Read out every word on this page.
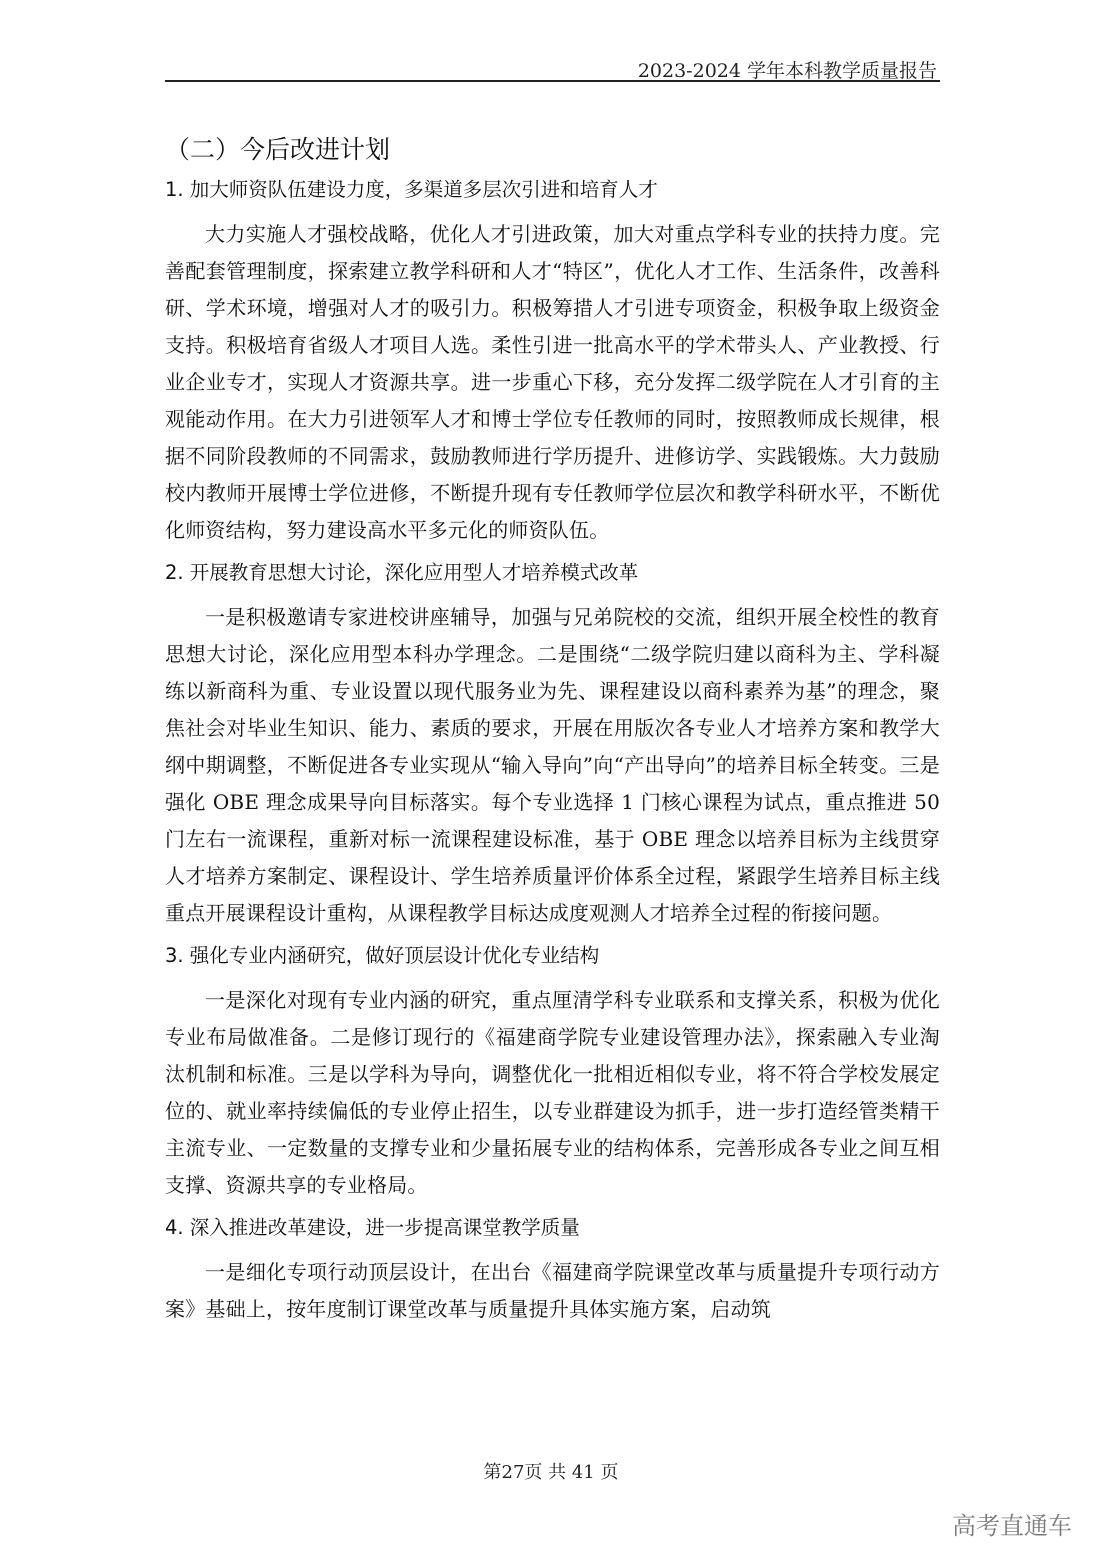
2023-2024 学年本科教学质量报告
（二）今后改进计划
1. 加大师资队伍建设力度，多渠道多层次引进和培育人才

大力实施人才强校战略，优化人才引进政策，加大对重点学科专业的扶持力度。完善配套管理制度，探索建立教学科研和人才“特区”，优化人才工作、生活条件，改善科研、学术环境，增强对人才的吸引力。积极筹措人才引进专项资金，积极争取上级资金支持。积极培育省级人才项目人选。柔性引进一批高水平的学术带头人、产业教授、行业企业专才，实现人才资源共享。进一步重心下移，充分发挥二级学院在人才引育的主观能动作用。在大力引进领军人才和博士学位专任教师的同时，按照教师成长规律，根据不同阶段教师的不同需求，鼓励教师进行学历提升、进修访学、实践锻炼。大力鼓励校内教师开展博士学位进修，不断提升现有专任教师学位层次和教学科研水平，不断优化师资结构，努力建设高水平多元化的师资队伍。

2. 开展教育思想大讨论，深化应用型人才培养模式改革

一是积极邀请专家进校讲座辅导，加强与兄弟院校的交流，组织开展全校性的教育思想大讨论，深化应用型本科办学理念。二是围绕“二级学院归建以商科为主、学科凝练以新商科为重、专业设置以现代服务业为先、课程建设以商科素养为基”的理念，聚焦社会对毕业生知识、能力、素质的要求，开展在用版次各专业人才培养方案和教学大纲中期调整，不断促进各专业实现从“输入导向”向“产出导向”的培养目标全转变。三是强化 OBE 理念成果导向目标落实。每个专业选择 1 门核心课程为试点，重点推进 50 门左右一流课程，重新对标一流课程建设标准，基于 OBE 理念以培养目标为主线贯穿人才培养方案制定、课程设计、学生培养质量评价体系全过程，紧跟学生培养目标主线重点开展课程设计重构，从课程教学目标达成度观测人才培养全过程的衔接问题。

3. 强化专业内涵研究，做好顶层设计优化专业结构

一是深化对现有专业内涵的研究，重点厘清学科专业联系和支撑关系，积极为优化专业布局做准备。二是修订现行的《福建商学院专业建设管理办法》，探索融入专业淘汰机制和标准。三是以学科为导向，调整优化一批相近相似专业，将不符合学校发展定位的、就业率持续偏低的专业停止招生，以专业群建设为抓手，进一步打造经管类精干主流专业、一定数量的支撑专业和少量拓展专业的结构体系，完善形成各专业之间互相支撑、资源共享的专业格局。

4. 深入推进改革建设，进一步提高课堂教学质量

一是细化专项行动顶层设计，在出台《福建商学院课堂改革与质量提升专项行动方案》基础上，按年度制订课堂改革与质量提升具体实施方案，启动筑

第27页 共 41 页
高考直通车
